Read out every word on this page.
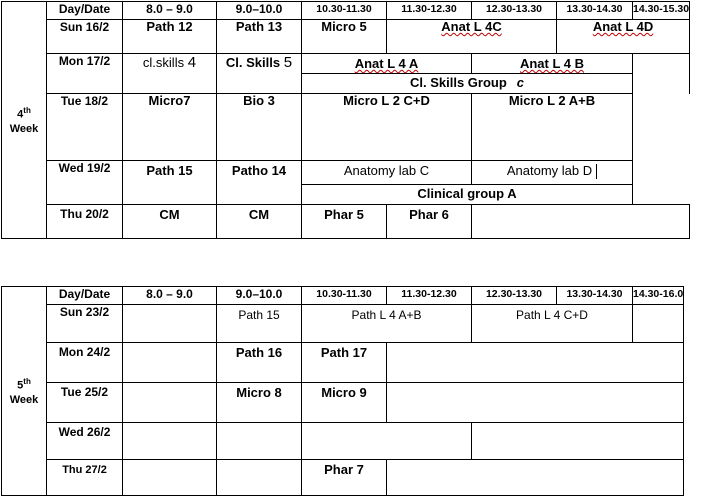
4th
Week	Day/Date	8.0 – 9.0	9.0–10.0	10.30-11.30	11.30-12.30	12.30-13.30	13.30-14.30	14.30-15.30
	Sun 16/2	Path 12	Path 13	Micro 5	Anat L 4C		Anat L 4D	
	Mon 17/2	cl.skills 4	Cl. Skills 5	Anat L 4 A		Anat L 4 B		
				Cl. Skills Group c				
	Tue 18/2	Micro7	Bio 3	Micro L 2 C+D		Micro L 2 A+B		
	Wed 19/2	Path 15	Patho 14	Anatomy lab C		Anatomy lab D		
				Clinical group A				
	Thu 20/2	CM	CM	Phar 5	Phar 6			
5th
Week	Day/Date	8.0 – 9.0	9.0–10.0	10.30-11.30	11.30-12.30	12.30-13.30	13.30-14.30	14.30-16.0
	Sun 23/2		Path 15	Path L 4 A+B		Path L 4 C+D		
	Mon 24/2		Path 16	Path 17				
	Tue 25/2		Micro 8	Micro 9				
	Wed 26/2							
	Thu 27/2			Phar 7				
